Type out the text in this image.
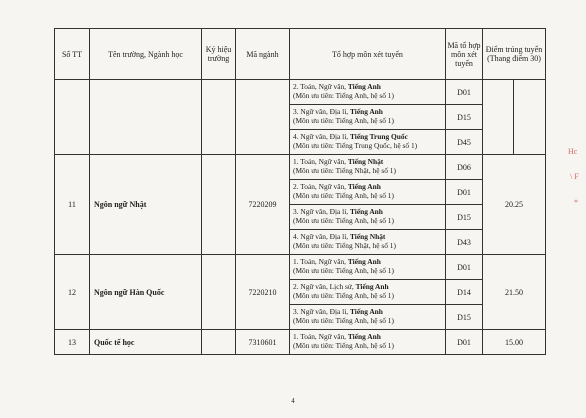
Số TT	Tên trường, Ngành học	Ký hiệu trường	Mã ngành	Tổ hợp môn xét tuyển	Mã tổ hợp môn xét tuyển	Điểm trúng tuyển (Thang điểm 30)	
				2. Toán, Ngữ văn, Tiếng Anh
(Môn ưu tiên: Tiếng Anh, hệ số 1)	D01		
				3. Ngữ văn, Địa lí, Tiếng Anh
(Môn ưu tiên: Tiếng Anh, hệ số 1)	D15		
				4. Ngữ văn, Địa lí, Tiếng Trung Quốc
(Môn ưu tiên: Tiếng Trung Quốc, hệ số 1)	D45		
11	Ngôn ngữ Nhật		7220209	1. Toán, Ngữ văn, Tiếng Nhật
(Môn ưu tiên: Tiếng Nhật, hệ số 1)	D06	20.25	
				2. Toán, Ngữ văn, Tiếng Anh
(Môn ưu tiên: Tiếng Anh, hệ số 1)	D01		
				3. Ngữ văn, Địa lí, Tiếng Anh
(Môn ưu tiên: Tiếng Anh, hệ số 1)	D15		
				4. Ngữ văn, Địa lí, Tiếng Nhật
(Môn ưu tiên: Tiếng Nhật, hệ số 1)	D43		
12	Ngôn ngữ Hàn Quốc		7220210	1. Toán, Ngữ văn, Tiếng Anh
(Môn ưu tiên: Tiếng Anh, hệ số 1)	D01	21.50	
				2. Ngữ văn, Lịch sử, Tiếng Anh
(Môn ưu tiên: Tiếng Anh, hệ số 1)	D14		
				3. Ngữ văn, Địa lí, Tiếng Anh
(Môn ưu tiên: Tiếng Anh, hệ số 1)	D15		
13	Quốc tế học		7310601	1. Toán, Ngữ văn, Tiếng Anh
(Môn ưu tiên: Tiếng Anh, hệ số 1)	D01	15.00	
4
Hc
\ F
*
